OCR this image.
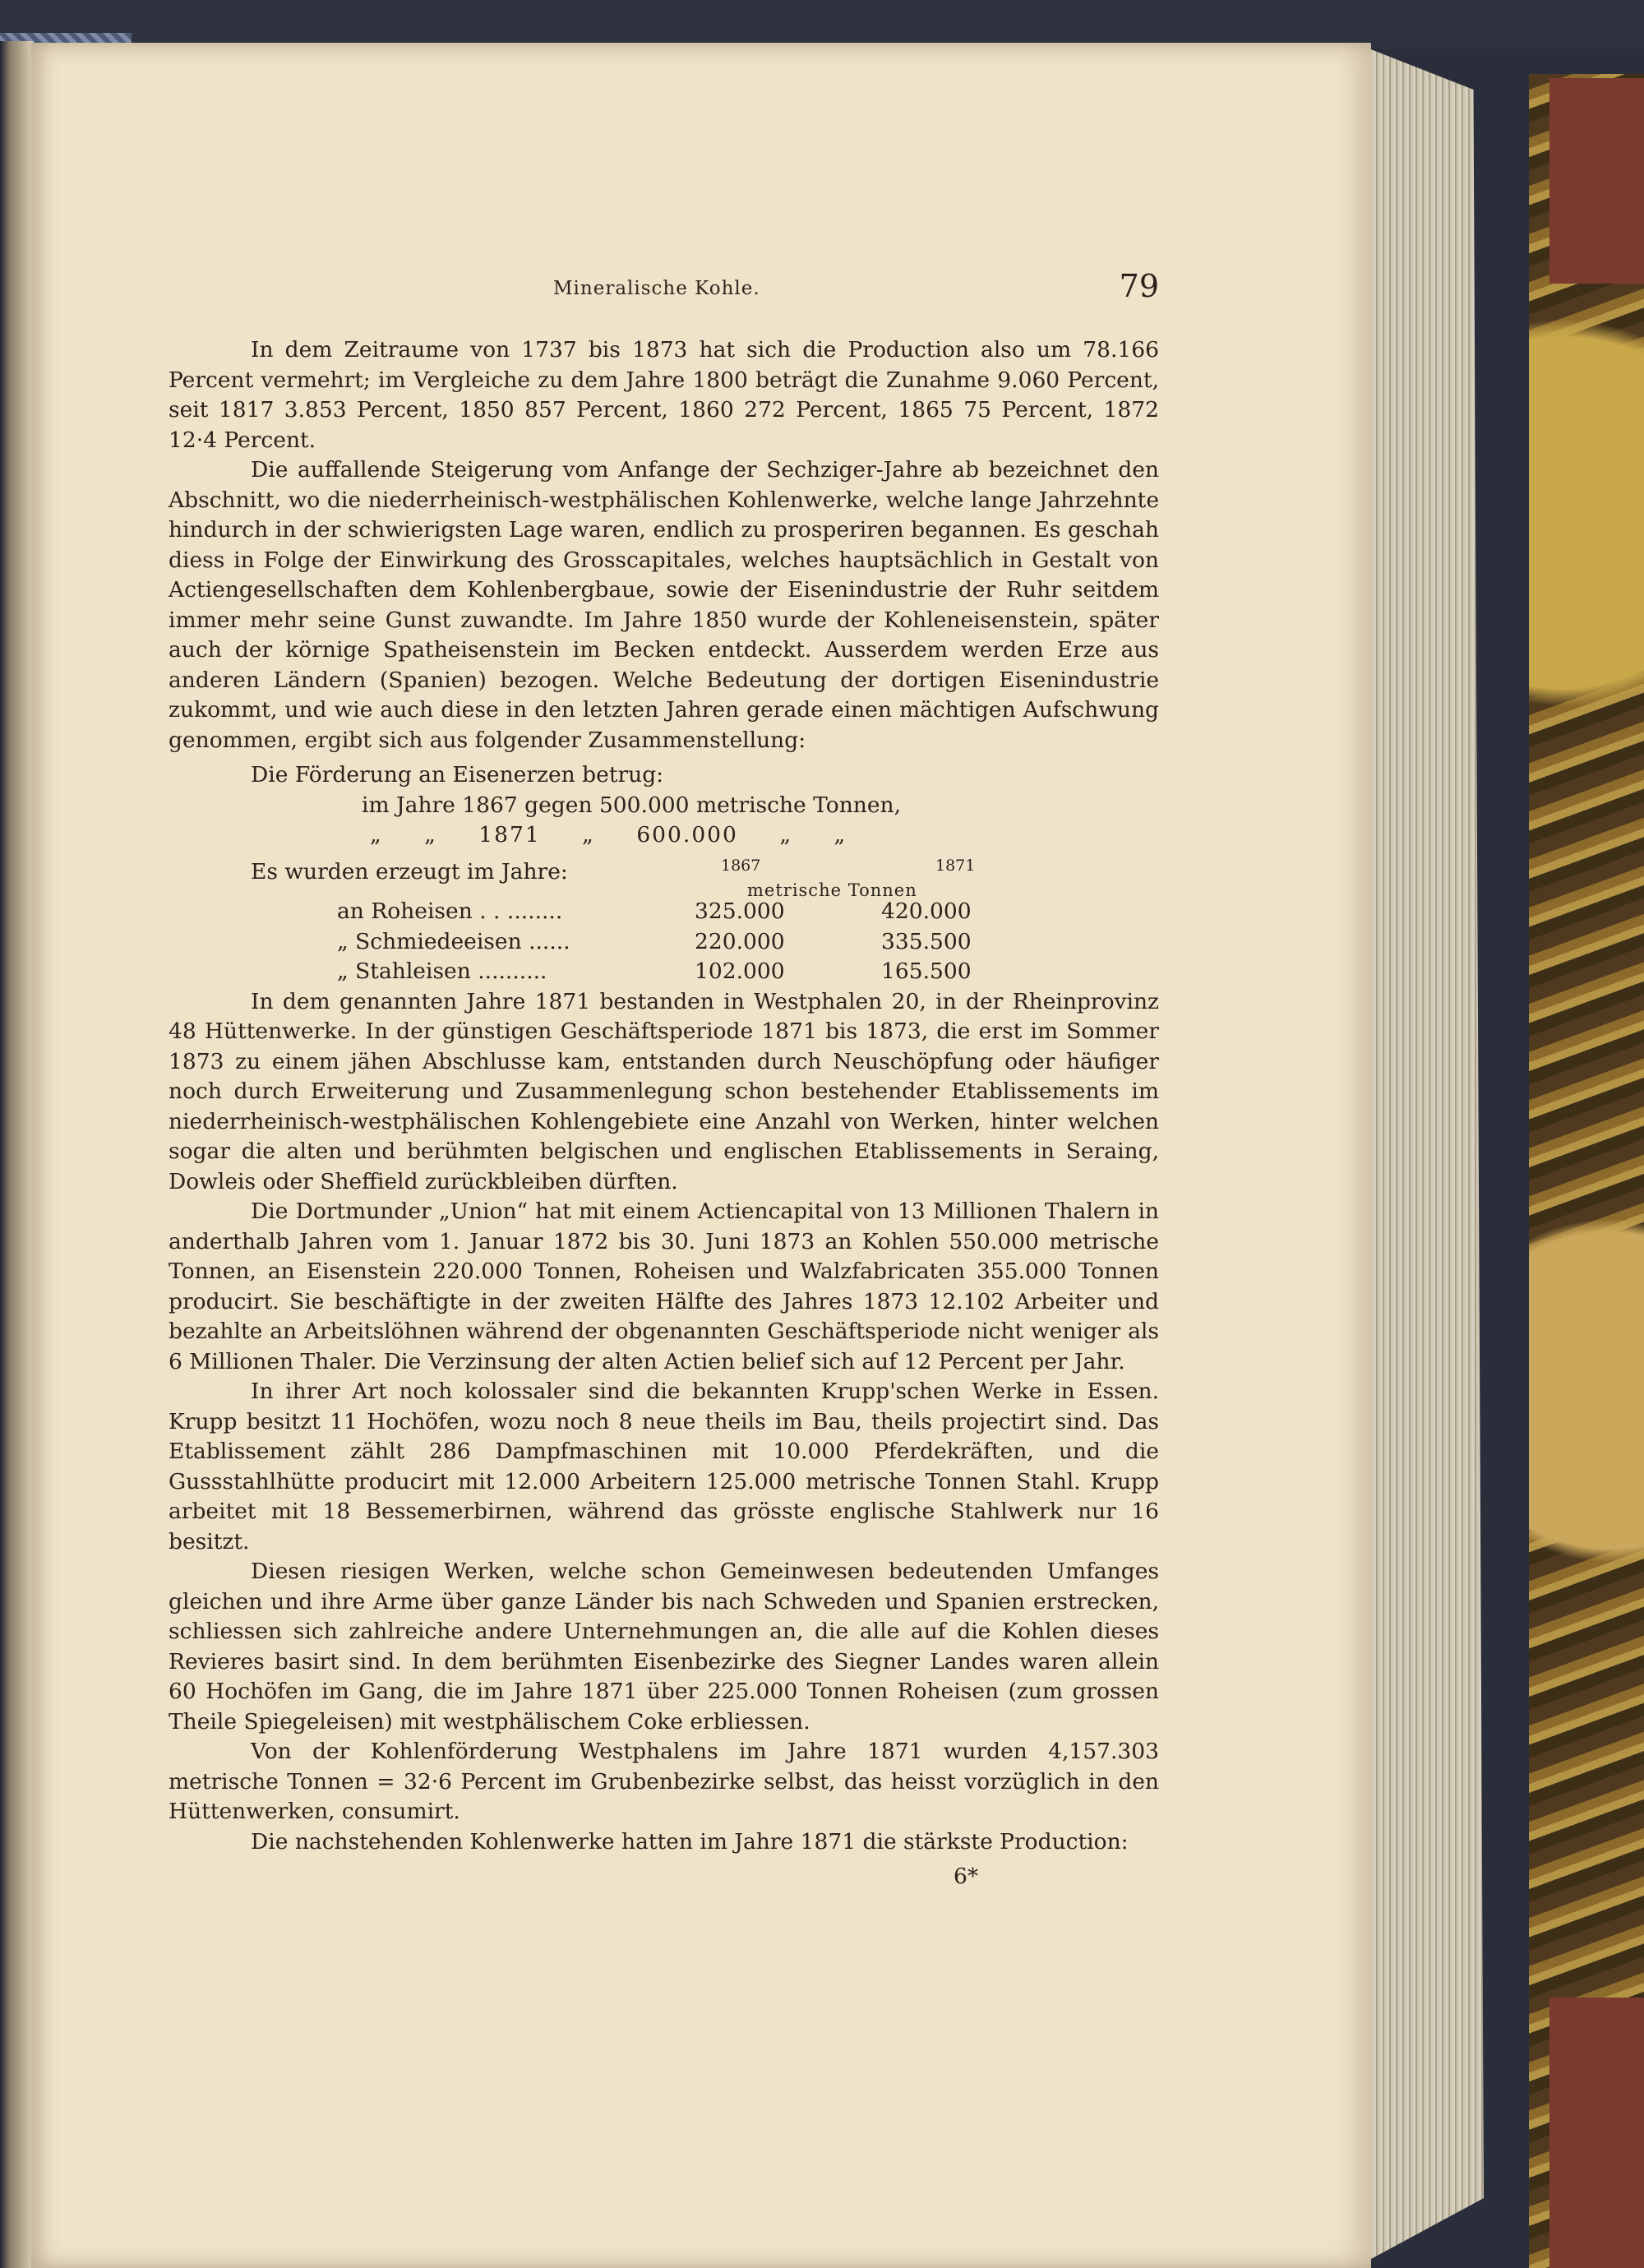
Mineralische Kohle.	79

In dem Zeitraume von 1737 bis 1873 hat sich die Production also um 78.166 Percent vermehrt; im Vergleiche zu dem Jahre 1800 beträgt die Zunahme 9.060 Percent, seit 1817 3.853 Percent, 1850 857 Percent, 1860 272 Percent, 1865 75 Percent, 1872 12·4 Percent.

Die auffallende Steigerung vom Anfange der Sechziger-Jahre ab bezeichnet den Abschnitt, wo die niederrheinisch-westphälischen Kohlenwerke, welche lange Jahrzehnte hindurch in der schwierigsten Lage waren, endlich zu prosperiren begannen. Es geschah diess in Folge der Einwirkung des Grosscapitales, welches hauptsächlich in Gestalt von Actiengesellschaften dem Kohlenbergbaue, sowie der Eisenindustrie der Ruhr seitdem immer mehr seine Gunst zuwandte. Im Jahre 1850 wurde der Kohleneisenstein, später auch der körnige Spatheisenstein im Becken entdeckt. Ausserdem werden Erze aus anderen Ländern (Spanien) bezogen. Welche Bedeutung der dortigen Eisenindustrie zukommt, und wie auch diese in den letzten Jahren gerade einen mächtigen Aufschwung genommen, ergibt sich aus folgender Zusammenstellung:

Die Förderung an Eisenerzen betrug:

im Jahre 1867 gegen 500.000 metrische Tonnen,

„ „ 1871 „ 600.000 „ „

Es wurden erzeugt im Jahre:	1867	1871
metrische Tonnen
an Roheisen . . ........	325.000	420.000
„ Schmiedeeisen ......	220.000	335.500
„ Stahleisen ..........	102.000	165.500

In dem genannten Jahre 1871 bestanden in Westphalen 20, in der Rheinprovinz 48 Hüttenwerke. In der günstigen Geschäftsperiode 1871 bis 1873, die erst im Sommer 1873 zu einem jähen Abschlusse kam, entstanden durch Neuschöpfung oder häufiger noch durch Erweiterung und Zusammenlegung schon bestehender Etablissements im niederrheinisch-westphälischen Kohlengebiete eine Anzahl von Werken, hinter welchen sogar die alten und berühmten belgischen und englischen Etablissements in Seraing, Dowleis oder Sheffield zurückbleiben dürften.

Die Dortmunder „Union“ hat mit einem Actiencapital von 13 Millionen Thalern in anderthalb Jahren vom 1. Januar 1872 bis 30. Juni 1873 an Kohlen 550.000 metrische Tonnen, an Eisenstein 220.000 Tonnen, Roheisen und Walzfabricaten 355.000 Tonnen producirt. Sie beschäftigte in der zweiten Hälfte des Jahres 1873 12.102 Arbeiter und bezahlte an Arbeitslöhnen während der obgenannten Geschäftsperiode nicht weniger als 6 Millionen Thaler. Die Verzinsung der alten Actien belief sich auf 12 Percent per Jahr.

In ihrer Art noch kolossaler sind die bekannten Krupp'schen Werke in Essen. Krupp besitzt 11 Hochöfen, wozu noch 8 neue theils im Bau, theils projectirt sind. Das Etablissement zählt 286 Dampfmaschinen mit 10.000 Pferdekräften, und die Gussstahlhütte producirt mit 12.000 Arbeitern 125.000 metrische Tonnen Stahl. Krupp arbeitet mit 18 Bessemerbirnen, während das grösste englische Stahlwerk nur 16 besitzt.

Diesen riesigen Werken, welche schon Gemeinwesen bedeutenden Umfanges gleichen und ihre Arme über ganze Länder bis nach Schweden und Spanien erstrecken, schliessen sich zahlreiche andere Unternehmungen an, die alle auf die Kohlen dieses Revieres basirt sind. In dem berühmten Eisenbezirke des Siegner Landes waren allein 60 Hochöfen im Gang, die im Jahre 1871 über 225.000 Tonnen Roheisen (zum grossen Theile Spiegeleisen) mit westphälischem Coke erbliessen.

Von der Kohlenförderung Westphalens im Jahre 1871 wurden 4,157.303 metrische Tonnen = 32·6 Percent im Grubenbezirke selbst, das heisst vorzüglich in den Hüttenwerken, consumirt.

Die nachstehenden Kohlenwerke hatten im Jahre 1871 die stärkste Production:

6*
